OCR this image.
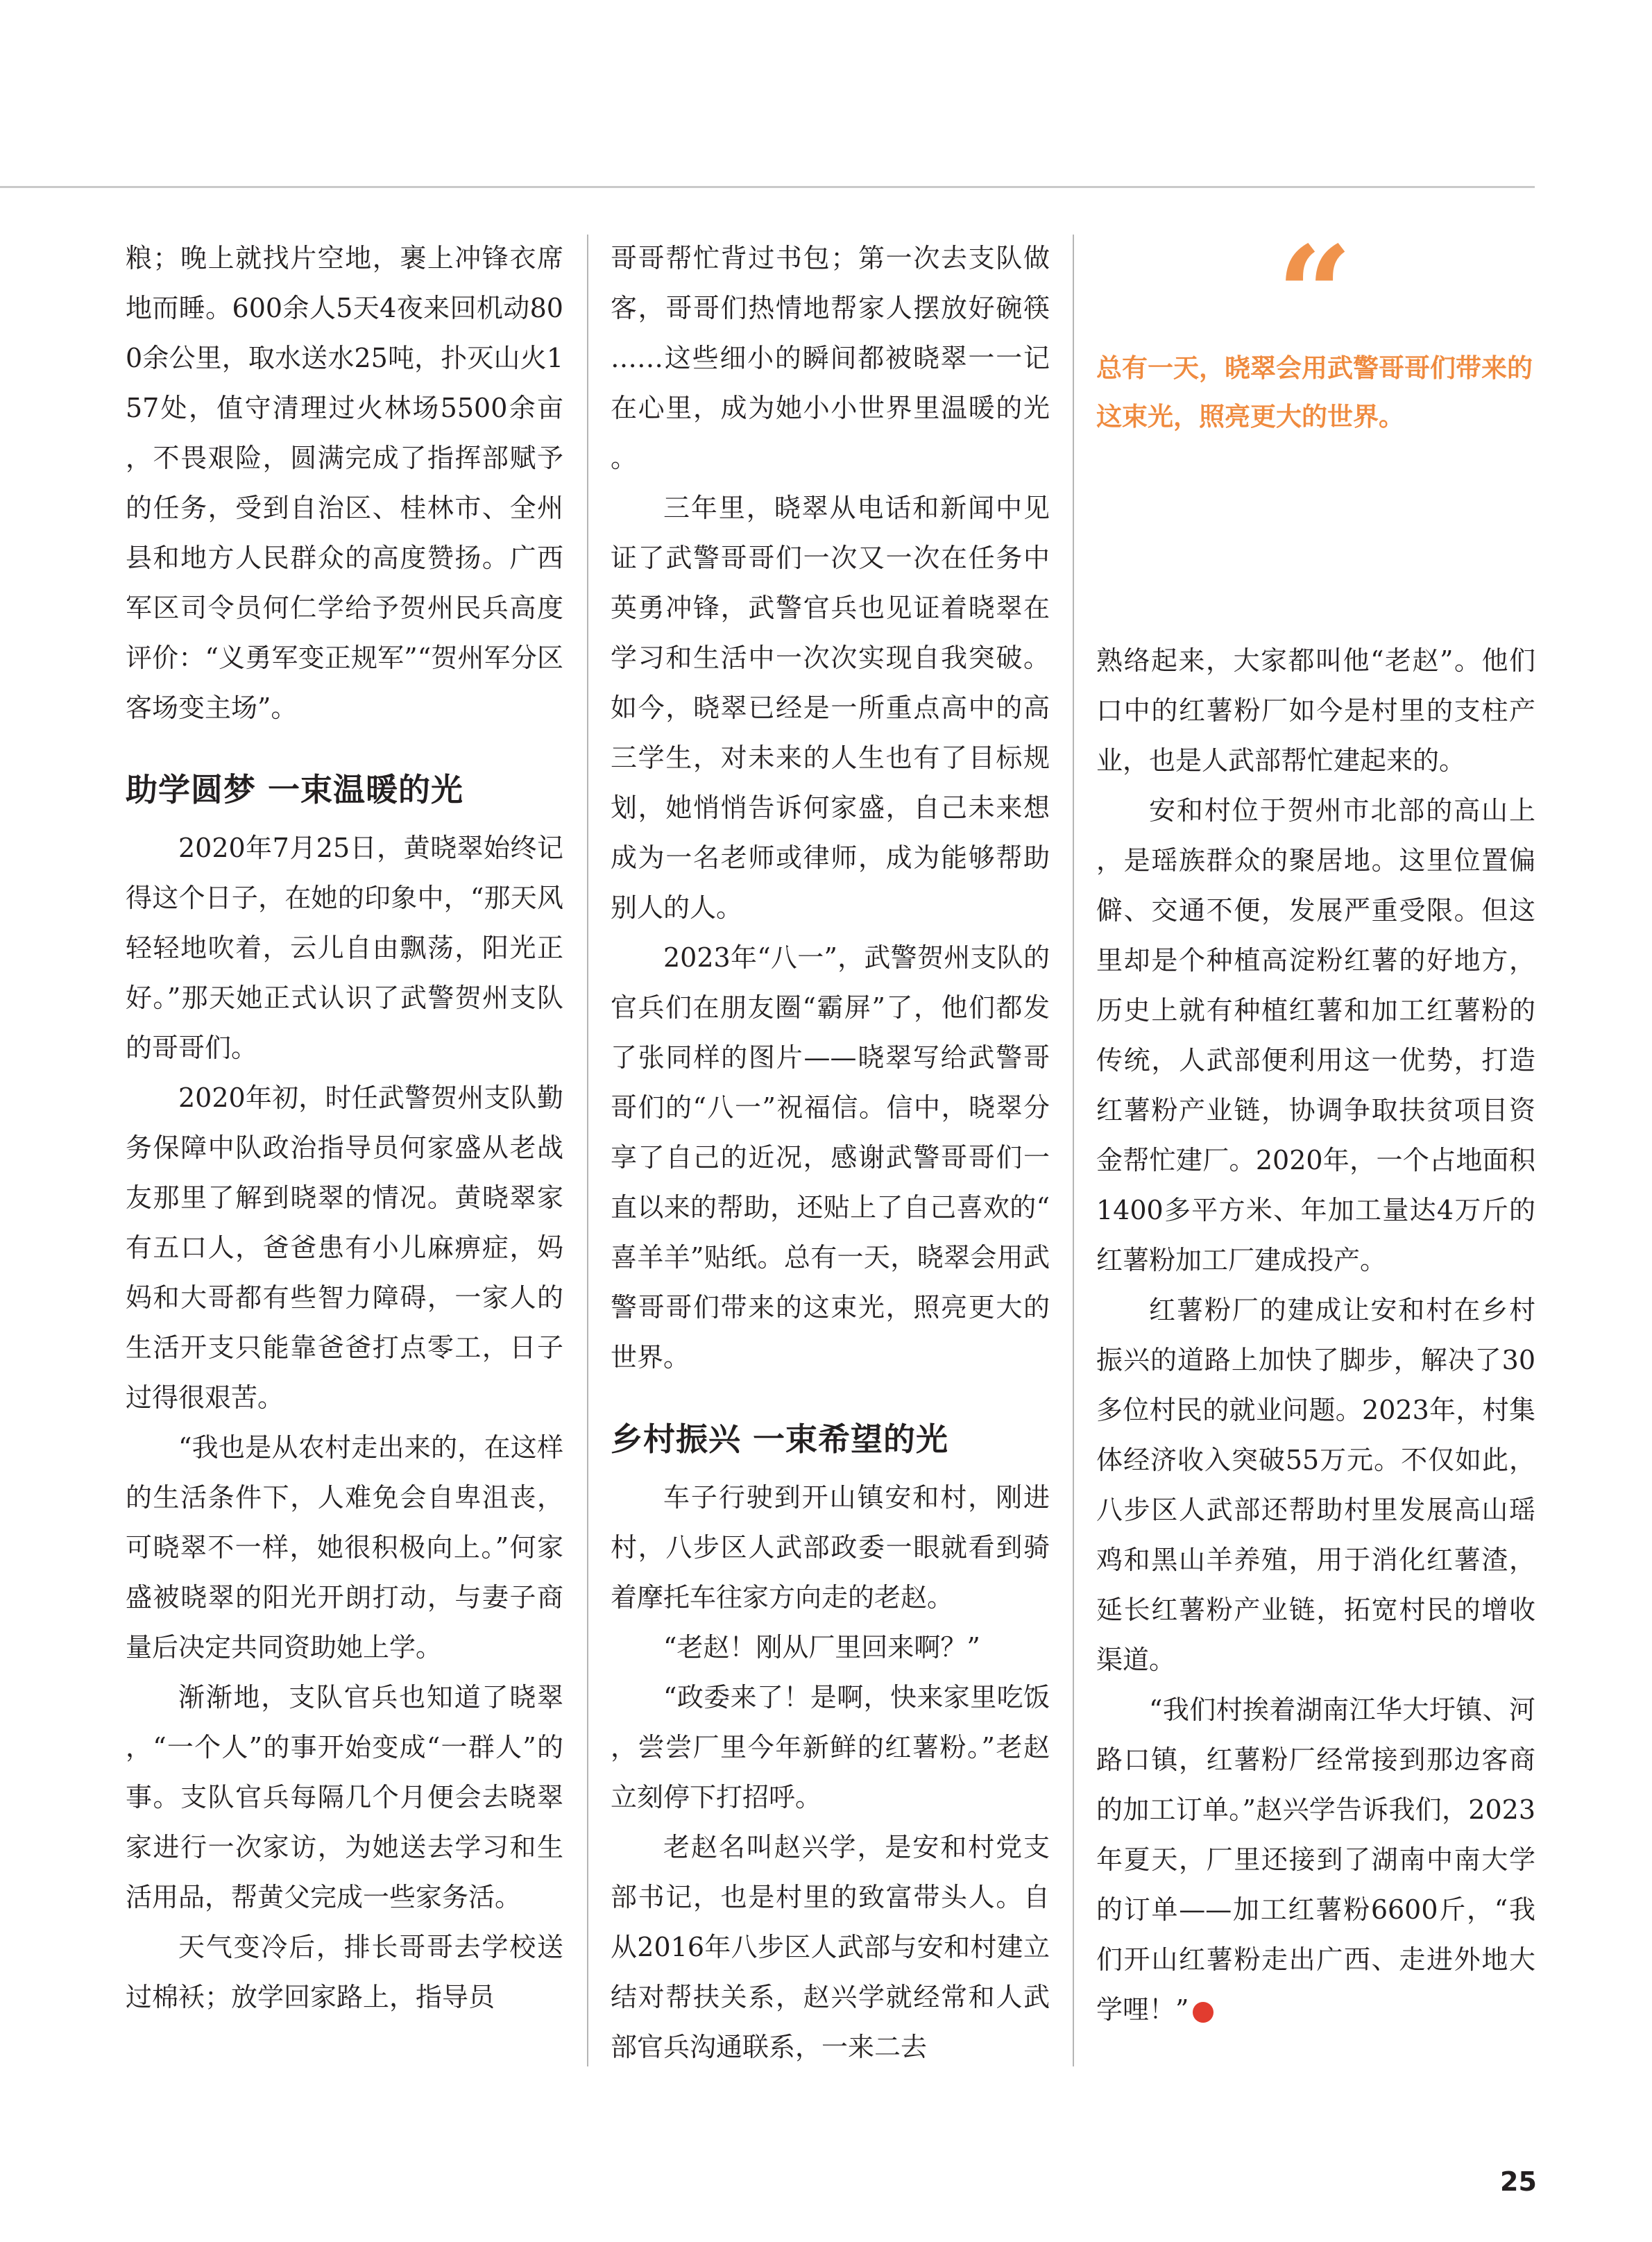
粮；晚上就找片空地，裹上冲锋衣席地而睡。600余人5天4夜来回机动800余公里，取水送水25吨，扑灭山火157处，值守清理过火林场5500余亩，不畏艰险，圆满完成了指挥部赋予的任务，受到自治区、桂林市、全州县和地方人民群众的高度赞扬。广西军区司令员何仁学给予贺州民兵高度评价：“义勇军变正规军”“贺州军分区客场变主场”。

助学圆梦 一束温暖的光

2020年7月25日，黄晓翠始终记得这个日子，在她的印象中，“那天风轻轻地吹着，云儿自由飘荡，阳光正好。”那天她正式认识了武警贺州支队的哥哥们。

2020年初，时任武警贺州支队勤务保障中队政治指导员何家盛从老战友那里了解到晓翠的情况。黄晓翠家有五口人，爸爸患有小儿麻痹症，妈妈和大哥都有些智力障碍，一家人的生活开支只能靠爸爸打点零工，日子过得很艰苦。

“我也是从农村走出来的，在这样的生活条件下，人难免会自卑沮丧，可晓翠不一样，她很积极向上。”何家盛被晓翠的阳光开朗打动，与妻子商量后决定共同资助她上学。

渐渐地，支队官兵也知道了晓翠，“一个人”的事开始变成“一群人”的事。支队官兵每隔几个月便会去晓翠家进行一次家访，为她送去学习和生活用品，帮黄父完成一些家务活。

天气变冷后，排长哥哥去学校送过棉袄；放学回家路上，指导员

哥哥帮忙背过书包；第一次去支队做客，哥哥们热情地帮家人摆放好碗筷……这些细小的瞬间都被晓翠一一记在心里，成为她小小世界里温暖的光。

三年里，晓翠从电话和新闻中见证了武警哥哥们一次又一次在任务中英勇冲锋，武警官兵也见证着晓翠在学习和生活中一次次实现自我突破。如今，晓翠已经是一所重点高中的高三学生，对未来的人生也有了目标规划，她悄悄告诉何家盛，自己未来想成为一名老师或律师，成为能够帮助别人的人。

2023年“八一”，武警贺州支队的官兵们在朋友圈“霸屏”了，他们都发了张同样的图片——晓翠写给武警哥哥们的“八一”祝福信。信中，晓翠分享了自己的近况，感谢武警哥哥们一直以来的帮助，还贴上了自己喜欢的“喜羊羊”贴纸。总有一天，晓翠会用武警哥哥们带来的这束光，照亮更大的世界。

乡村振兴 一束希望的光

车子行驶到开山镇安和村，刚进村，八步区人武部政委一眼就看到骑着摩托车往家方向走的老赵。

“老赵！刚从厂里回来啊？”

“政委来了！是啊，快来家里吃饭，尝尝厂里今年新鲜的红薯粉。”老赵立刻停下打招呼。

老赵名叫赵兴学，是安和村党支部书记，也是村里的致富带头人。自从2016年八步区人武部与安和村建立结对帮扶关系，赵兴学就经常和人武部官兵沟通联系，一来二去

“
总有一天，晓翠会用武警哥哥们带来的这束光，照亮更大的世界。

熟络起来，大家都叫他“老赵”。他们口中的红薯粉厂如今是村里的支柱产业，也是人武部帮忙建起来的。

安和村位于贺州市北部的高山上，是瑶族群众的聚居地。这里位置偏僻、交通不便，发展严重受限。但这里却是个种植高淀粉红薯的好地方，历史上就有种植红薯和加工红薯粉的传统，人武部便利用这一优势，打造红薯粉产业链，协调争取扶贫项目资金帮忙建厂。2020年，一个占地面积1400多平方米、年加工量达4万斤的红薯粉加工厂建成投产。

红薯粉厂的建成让安和村在乡村振兴的道路上加快了脚步，解决了30多位村民的就业问题。2023年，村集体经济收入突破55万元。不仅如此，八步区人武部还帮助村里发展高山瑶鸡和黑山羊养殖，用于消化红薯渣，延长红薯粉产业链，拓宽村民的增收渠道。

“我们村挨着湖南江华大圩镇、河路口镇，红薯粉厂经常接到那边客商的加工订单。”赵兴学告诉我们，2023年夏天，厂里还接到了湖南中南大学的订单——加工红薯粉6600斤，“我们开山红薯粉走出广西、走进外地大学哩！”	N

25
